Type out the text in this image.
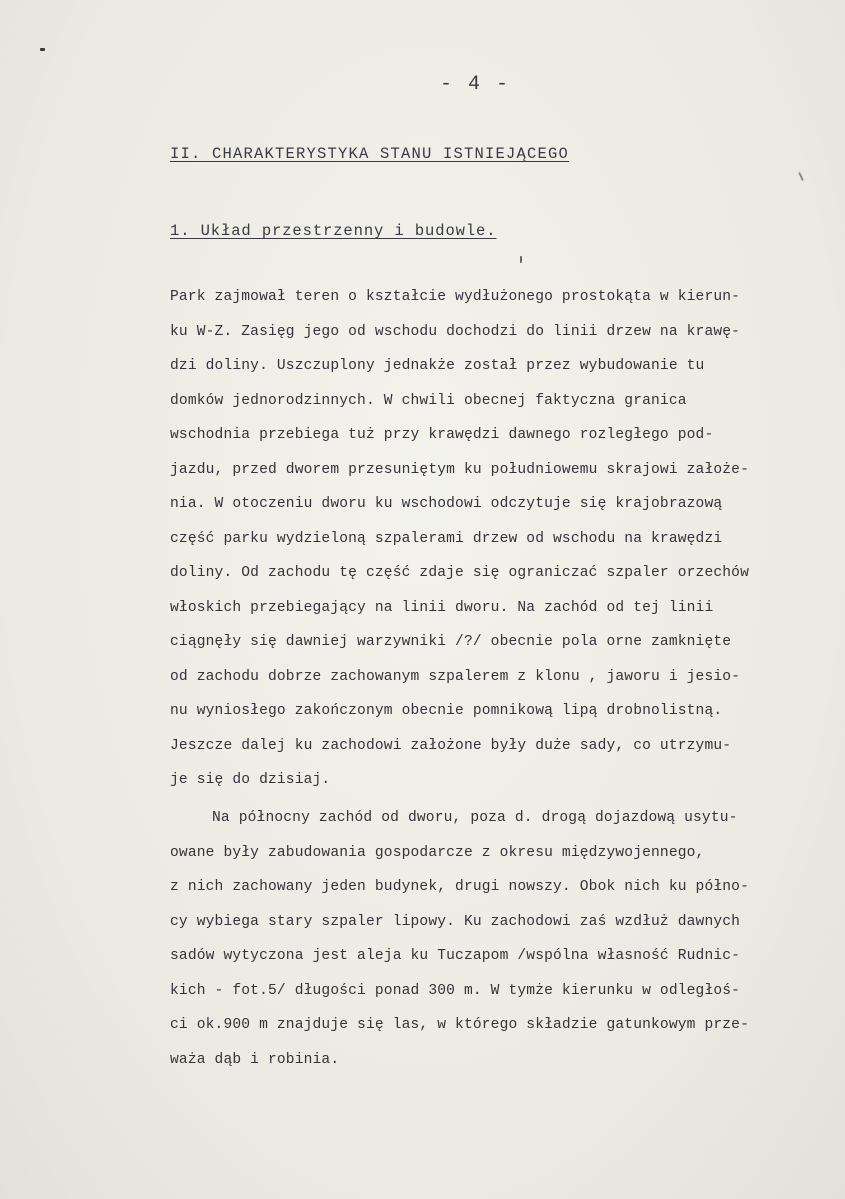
- 4 -
II. CHARAKTERYSTYKA STANU ISTNIEJĄCEGO
1. Układ przestrzenny i budowle.

Park zajmował teren o kształcie wydłużonego prostokąta w kierun-
ku W-Z. Zasięg jego od wschodu dochodzi do linii drzew na krawę-
dzi doliny. Uszczuplony jednakże został przez wybudowanie tu
domków jednorodzinnych. W chwili obecnej faktyczna granica
wschodnia przebiega tuż przy krawędzi dawnego rozległego pod-
jazdu, przed dworem przesuniętym ku południowemu skrajowi założe-
nia. W otoczeniu dworu ku wschodowi odczytuje się krajobrazową
część parku wydzieloną szpalerami drzew od wschodu na krawędzi
doliny. Od zachodu tę część zdaje się ograniczać szpaler orzechów
włoskich przebiegający na linii dworu. Na zachód od tej linii
ciągnęły się dawniej warzywniki /?/ obecnie pola orne zamknięte
od zachodu dobrze zachowanym szpalerem z klonu , jaworu i jesio-
nu wyniosłego zakończonym obecnie pomnikową lipą drobnolistną.
Jeszcze dalej ku zachodowi założone były duże sady, co utrzymu-
je się do dzisiaj.

Na północny zachód od dworu, poza d. drogą dojazdową usytu-
owane były zabudowania gospodarcze z okresu międzywojennego,
z nich zachowany jeden budynek, drugi nowszy. Obok nich ku półno-
cy wybiega stary szpaler lipowy. Ku zachodowi zaś wzdłuż dawnych
sadów wytyczona jest aleja ku Tuczapom /wspólna własność Rudnic-
kich - fot.5/ długości ponad 300 m. W tymże kierunku w odległoś-
ci ok.900 m znajduje się las, w którego składzie gatunkowym prze-
waża dąb i robinia.
